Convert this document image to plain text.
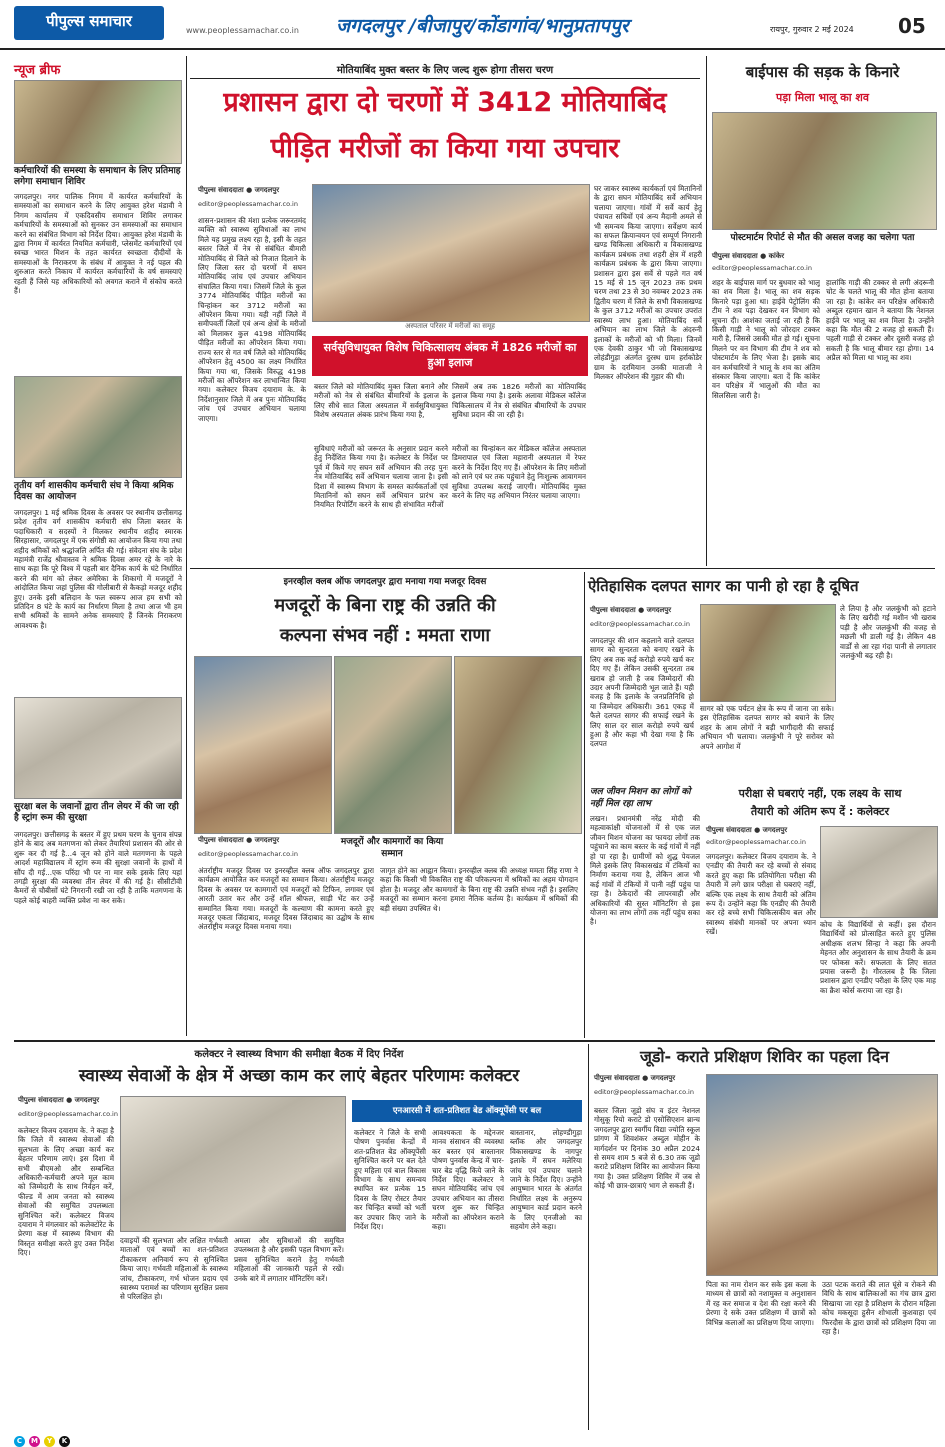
पीपुल्स समाचार
www.peoplessamachar.co.in जगदलपुर /बीजापुर/कोंडागांव/भानुप्रतापपुर	रायपुर, गुरुवार 2 मई 2024 05
न्यूज ब्रीफ
कर्मचारियों की समस्या के समाधान के लिए प्रतिमाह लगेगा समाधान शिविर
जगदलपुर। नगर पालिक निगम में कार्यरत कर्मचारियों के समस्याओं का समाधान करने के लिए आयुक्त हरेश मंडावी ने निगम कार्यालय में एकदिवसीय समाधान शिविर लगाकर कर्मचारियों के समस्याओं को सुनकर उन समस्याओं का समाधान करने का संबंधित विभाग को निर्देश दिया। आयुक्त हरेश मंडावी के द्वारा निगम में कार्यरत नियमित कर्मचारी, प्लेसमेंट कर्मचारियों एवं स्वच्छ भारत मिशन के तहत कार्यरत स्वच्छता दीदीयों के समस्याओं के निराकरण के संबंध में आयुक्त ने नई पहल की शुरुआत करते निकाय में कार्यरत कर्मचारियों के वर्ष समस्याएं रहती हैं जिसे यह अधिकारियों को अवगत कराने में संकोच करते हैं।
तृतीय वर्ग शासकीय कर्मचारी संघ ने किया श्रमिक दिवस का आयोजन
जगदलपुर। 1 मई श्रमिक दिवस के अवसर पर स्थानीय छत्तीसगढ़ प्रदेश तृतीय वर्ग शासकीय कर्मचारी संघ जिला बस्तर के पदाधिकारी व सदस्यों ने मिलकर स्थानीय शहीद स्मारक सिरहासार, जगदलपुर में एक संगोष्ठी का आयोजन किया गया तथा शहीद श्रमिकों को श्रद्धांजलि अर्पित की गई। संवेदना संघ के प्रदेश महामंत्री राजेंद्र श्रीवास्तव ने श्रमिक दिवस अमर रहे के नारे के साथ कहा कि पूरे विश्व में पहली बार दैनिक कार्य के घंटे निर्धारित करने की मांग को लेकर अमेरिका के शिकागो में मजदूरों ने आंदोलित किया जहां पुलिस की गोलीबारी से कैकड़ो मजदूर शहीद हुए। उनके इसी बलिदान के फल स्वरूप आज हम सभी को प्रतिदिन 8 घंटे के कार्य का निर्धारण मिला है तथा आज भी हम सभी श्रमिकों के सामने अनेक समस्याएं हैं जिनके निराकरण आवश्यक है।
सुरक्षा बल के जवानों द्वारा तीन लेयर में की जा रही है स्ट्रांग रूम की सुरक्षा
जगदलपुर। छत्तीसगढ़ के बस्तर में हुए प्रथम चरण के चुनाव संपन्न होने के बाद अब मतगणना को लेकर तैयारियां प्रशासन की ओर से शुरू कर दी गई है...4 जून को होने वाले मतगणना के पहले आदर्श महाविद्यालय में स्ट्रांग रूम की सुरक्षा जवानों के हाथों में सौंप दी गई...एक परिंदा भी पर ना मार सके इसके लिए यहां तगड़ी सुरक्षा की व्यवस्था तीन लेयर में की गई है। सीसीटीवी कैमरों से चौबीसों घंटे निगरानी रखी जा रही है ताकि मतगणना के पहले कोई बाहरी व्यक्ति प्रवेश ना कर सके।
मोतियाबिंद मुक्त बस्तर के लिए जल्द शुरू होगा तीसरा चरण
प्रशासन द्वारा दो चरणों में 3412 मोतियाबिंद
पीड़ित मरीजों का किया गया उपचार
पीपुल्स संवाददाता ● जगदलपुर
editor@peoplessamachar.co.in
शासन-प्रशासन की मंशा प्रत्येक जरूरतमंद व्यक्ति को स्वास्थ्य सुविधाओं का लाभ मिले यह प्रमुख लक्ष्य रहा है, इसी के तहत बस्तर जिले में नेत्र से संबंधित बीमारी मोतियाबिंद से जिले को निजात दिलाने के लिए जिला स्तर दो चरणों में सघन मोतियाबिंद जांच एवं उपचार अभियान संचालित किया गया। जिसमें जिले के कुल 3774 मोतियाबिंद पीड़ित मरीजों का चिन्हांकन कर 3712 मरीजों का ऑपरेशन किया गया। यही नहीं जिले में समीपवर्ती जिलों एवं अन्य क्षेत्रों के मरीजों को मिलाकर कुल 4198 मोतियाबिंद पीड़ित मरीजों का ऑपरेशन किया गया। राज्य स्तर से गत वर्ष जिले को मोतियाबिंद ऑपरेशन हेतु 4500 का लक्ष्य निर्धारित किया गया था, जिसके विरुद्ध 4198 मरीजों का ऑपरेशन कर लाभान्वित किया गया। कलेक्टर विजय दयाराम के. के निर्देशानुसार जिले में अब पुनः मोतियाबिंद जांच एवं उपचार अभियान चलाया जाएगा।
अस्पताल परिसर में मरीजों का समूह
घर जाकर स्वास्थ्य कार्यकर्ता एवं मितानिनों के द्वारा सघन मोतियाबिंद सर्वे अभियान चलाया जाएगा। गांवों में सर्वे कार्य हेतु पंचायत सचिवों एवं अन्य मैदानी अमले से भी समन्वय किया जाएगा। सर्वेक्षण कार्य का सफल क्रियान्वयन एवं सम्पूर्ण निगरानी खण्ड चिकित्सा अधिकारी व विकासखण्ड कार्यक्रम प्रबंधक तथा शहरी क्षेत्र में शहरी कार्यक्रम प्रबंधक के द्वारा किया जाएगा। प्रशासन द्वारा इस सर्वे से पहले गत वर्ष 15 मई से 15 जून 2023 तक प्रथम चरण तथा 23 से 30 नवम्बर 2023 तक द्वितीय चरण में जिले के सभी विकासखण्ड के कुल 3712 मरीजों का उपचार उपरांत स्वास्थ्य लाभ हुआ। मोतियाबिंद सर्वे अभियान का लाभ जिले के अंदरुनी इलाकों के मरीजों को भी मिला। जिनमें एक देवकी ठाकुर भी जो विकासखण्ड लोहंडीगुड़ा अंतर्गत दुरस्थ ग्राम हर्राकोडेर ग्राम के दरमियान उनकी माताजी ने मिलकर ऑपरेशन की गुहार की थी।
सर्वसुविधायुक्त विशेष चिकित्सालय अंबक में 1826 मरीजों का हुआ इलाज
बस्तर जिले को मोतियाबिंद मुक्त जिला बनाने और मरीजों को नेत्र से संबंधित बीमारियों के इलाज के लिए सीधे सात जिला अस्पताल में सर्वसुविधायुक्त विशेष अस्पताल अंबक प्रारंभ किया गया है,
जिसमें अब तक 1826 मरीजों का मोतियाबिंद इलाज किया गया है। इसके अलावा मेडिकल कॉलेज चिकित्सालय में नेत्र से संबंधित बीमारियों के उपचार सुविधा प्रदान की जा रही है।
सुविधाएं मरीजों को जरूरत के अनुसार प्रदान करने हेतु निर्देशित किया गया है। कलेक्टर के निर्देश पर पूर्व में किये गए सघन सर्वे अभियान की तरह पुनः नेत्र मोतियाबिंद सर्वे अभियान चलाया जाना है। इसी दिशा में स्वास्थ्य विभाग के समस्त कार्यकर्ताओं एवं मितानिनों को सघन सर्वे अभियान प्रारंभ कर नियमित रिपोर्टिंग करने के साथ ही संभावित मरीजों
मरीजों का चिन्हांकन कर मेडिकल कॉलेज अस्पताल डिमरापाल एवं जिला महारानी अस्पताल में रेफर करने के निर्देश दिए गए हैं। ऑपरेशन के लिए मरीजों को लाने एवं घर तक पहुंचाने हेतु निःशुल्क आवागमन सुविधा उपलब्ध कराई जाएगी। मोतियाबिंद मुक्त करने के लिए यह अभियान निरंतर चलाया जाएगा।
बाईपास की सड़क के किनारे
पड़ा मिला भालू का शव
पोस्टमार्टम रिपोर्ट से मौत की असल वजह का चलेगा पता
पीपुल्स संवाददाता ● कांकेर
editor@peoplessamachar.co.in
शहर के बाईपास मार्ग पर बुधवार को भालू का शव मिला है। भालू का शव सड़क किनारे पड़ा हुआ था। हाईवे पेट्रोलिंग की टीम ने शव पड़ा देखकर वन विभाग को सूचना दी। आशंका जताई जा रही है कि किसी गाड़ी ने भालू को जोरदार टक्कर मारी है, जिससे उसकी मौत हो गई। सूचना मिलने पर वन विभाग की टीम ने शव को पोस्टमार्टम के लिए भेजा है। इसके बाद वन कर्मचारियों ने भालू के शव का अंतिम संस्कार किया जाएगा। बता दें कि कांकेर वन परिक्षेत्र में भालुओं की मौत का सिलसिला जारी है।
हालांकि गाड़ी की टक्कर से लगी अंदरूनी चोट के चलते भालू की मौत होना बताया जा रहा है। कांकेर वन परिक्षेत्र अधिकारी अब्दुल रहमान खान ने बताया कि नेशनल हाईवे पर भालू का शव मिला है। उन्होंने कहा कि मौत की 2 वजह हो सकती हैं। पहली गाड़ी से टक्कर और दूसरी वजह हो सकती है कि भालू बीमार रहा होगा। 14 अप्रैल को मिला था भालू का शव।
इनरव्हील क्लब ऑफ जगदलपुर द्वारा मनाया गया मजदूर दिवस
मजदूरों के बिना राष्ट्र की उन्नति की
कल्पना संभव नहीं : ममता राणा
पीपुल्स संवाददाता ● जगदलपुर
editor@peoplessamachar.co.in
मजदूरों और कामगारों का किया सम्मान
अंतर्राष्ट्रीय मजदूर दिवस पर इनरव्हील क्लब ऑफ जगदलपुर द्वारा कार्यक्रम आयोजित कर मजदूरों का सम्मान किया। अंतर्राष्ट्रीय मजदूर दिवस के अवसर पर कामगारों एवं मजदूरों को टिफिन, लगावर एवं आरती उतार कर और उन्हें शॉल श्रीफल, साड़ी भेंट कर उन्हें सम्मानित किया गया। मजदूरों के कल्याण की कामना करते हुए मजदूर एकता जिंदाबाद, मजदूर दिवस जिंदाबाद का उद्घोष के साथ अंतर्राष्ट्रीय मजदूर दिवस मनाया गया।
जागृत होने का आह्वान किया। इनरव्हील क्लब की अध्यक्ष ममता सिंह राणा ने कहा कि किसी भी विकसित राष्ट्र की परिकल्पना में श्रमिकों का अहम योगदान होता है। मजदूर और कामगारों के बिना राष्ट्र की उन्नति संभव नहीं है। इसलिए मजदूरों का सम्मान करना हमारा नैतिक कर्तव्य है। कार्यक्रम में श्रमिकों की बड़ी संख्या उपस्थित थे।
ऐतिहासिक दलपत सागर का पानी हो रहा है दूषित
पीपुल्स संवाददाता ● जगदलपुर
editor@peoplessamachar.co.in
जगदलपुर की शान कहलाने वाले दलपत सागर को सुन्दरता को बनाए रखने के लिए अब तक कई करोड़ो रुपये खर्च कर दिए गए हैं। लेकिन उसकी सुन्दरता तब खराब हो जाती है जब जिम्मेदारों की उदार अपनी जिम्मेदारी भूल जाते हैं। यही वजह है कि इलाके के जनप्रतिनिधि हो या जिम्मेदार अधिकारी। 361 एकड़ में फैले दलपत सागर की सफाई रखने के लिए साल दर साल करोड़ो रुपये खर्च हुआ है और कहा भी देखा गया है कि दलपत
सागर को एक पर्यटन क्षेत्र के रूप में जाना जा सके। इस ऐतिहासिक दलपत सागर को बचाने के लिए शहर के आम लोगों ने बड़ी भागीदारी की सफाई अभियान भी चलाया। जलकुंभी ने पूरे सरोवर को अपने आगोश में
ले लिया है और जलकुंभी को हटाने के लिए खरीदी गई मशीन भी खराब पड़ी है और जलकुंभी की वजह से मछली भी डाली गई है। लेकिन 48 वार्डों से आ रहा गंदा पानी से लगातार जलकुंभी बढ़ रही है।
जल जीवन मिशन का लोगों को नहीं मिल रहा लाभ
लखन। प्रधानमंत्री नरेंद्र मोदी की महत्वाकांक्षी योजनाओं में से एक जल जीवन मिशन योजना का फायदा लोगों तक पहुंचाने का काम बस्तर के कई गांवों में नहीं हो पा रहा है। ग्रामीणों को शुद्ध पेयजल मिले इसके लिए विकासखंड में टंकियों का निर्माण कराया गया है, लेकिन आज भी कई गांवों में टंकियों में पानी नहीं पहुंच पा रहा है। ठेकेदारों की लापरवाही और अधिकारियों की सुस्त मॉनिटरिंग से इस योजना का लाभ लोगों तक नहीं पहुंच सका है।
परीक्षा से घबराएं नहीं, एक लक्ष्य के साथ
तैयारी को अंतिम रूप दें : कलेक्टर
पीपुल्स संवाददाता ● जगदलपुर
editor@peoplessamachar.co.in
जगदलपुर। कलेक्टर विजय दयाराम के. ने एनडीए की तैयारी कर रहे बच्चों से संवाद करते हुए कहा कि प्रतियोगिता परीक्षा की तैयारी में लगे छात्र परीक्षा से घबराएं नहीं, बल्कि एक लक्ष्य के साथ तैयारी को अंतिम रूप दें। उन्होंने कहा कि एनडीए की तैयारी कर रहे बच्चे सभी चिकित्सकीय बल और स्वास्थ्य संबंधी मानकों पर अपना ध्यान रखें।
कोच के विद्यार्थियों से कहीं। इस दौरान विद्यार्थियों को प्रोत्साहित करते हुए पुलिस अधीक्षक शलभ सिन्हा ने कहा कि अपनी मेहनत और अनुशासन के साथ तैयारी के क्रम पर फोकस करें। सफलता के लिए सतत प्रयास जरूरी है। गौरतलब है कि जिला प्रशासन द्वारा एनडीए परीक्षा के लिए एक माह का क्रैश कोर्स कराया जा रहा है।
कलेक्टर ने स्वास्थ्य विभाग की समीक्षा बैठक में दिए निर्देश
स्वास्थ्य सेवाओं के क्षेत्र में अच्छा काम कर लाएं बेहतर परिणामः कलेक्टर
पीपुल्स संवाददाता ● जगदलपुर
editor@peoplessamachar.co.in
कलेक्टर विजय दयाराम के. ने कहा है कि जिले में स्वास्थ्य सेवाओं की सुलभता के लिए अच्छा कार्य कर बेहतर परिणाम लाएं। इस दिशा में सभी बीएमओ और सम्बन्धित अधिकारी-कर्मचारी अपने मूल काम को जिम्मेदारी के साथ निर्वहन करें, फील्ड में आम जनता को स्वास्थ्य सेवाओं की समुचित उपलब्धता सुनिश्चित करें। कलेक्टर विजय दयाराम ने मंगलवार को कलेक्टोरेट के प्रेरणा कक्ष में स्वास्थ्य विभाग की विस्तृत समीक्षा करते हुए उक्त निर्देश दिए।
दवाइयों की सुलभता और लक्षित गर्भवती माताओं एवं बच्चों का शत-प्रतिशत टीकाकरण अनिवार्य रूप से सुनिश्चित किया जाए। गर्भवती महिलाओं के स्वास्थ्य जांच, टीकाकरण, गर्भ भोजन प्रदाय एवं स्वास्थ्य परामर्श का परिणाम सुरक्षित प्रसव से परिलक्षित हो।
अमला और सुविधाओं की समुचित उपलब्धता है और इसकी पहल विभाग करें। प्रसव सुनिश्चित कराने हेतु गर्भवती महिलाओं की जानकारी पहले से रखें। उनके बारे में लगातार मॉनिटरिंग करें।
एनआरसी में शत-प्रतिशत बेड ऑक्यूपेंसी पर बल
कलेक्टर ने जिले के सभी पोषण पुनर्वास केन्द्रों में शत-प्रतिशत बेड ऑक्यूपेंसी सुनिश्चित करने पर बल देते हुए महिला एवं बाल विकास विभाग के साथ समन्वय स्थापित कर प्रत्येक 15 दिवस के लिए रोस्टर तैयार कर चिन्हित बच्चों को भर्ती कर उपचार किए जाने के निर्देश दिए।
आवश्यकता के मद्देनजर मानव संसाधन की व्यवस्था कर बस्तर एवं बास्तानार पोषण पुनर्वास केन्द्र में चार-चार बेड वृद्धि किये जाने के निर्देश दिए। कलेक्टर ने सघन मोतियाबिंद जांच एवं उपचार अभियान का तीसरा चरण शुरू कर चिन्हित मरीजों का ऑपरेशन कराने कहा।
बास्तानार, लोहण्डीगुड़ा ब्लॉक और जगदलपुर विकासखण्ड के नागपुर इलाके में सघन मलेरिया जांच एवं उपचार चलाने जाने के निर्देश दिए। उन्होंने आयुष्मान भारत के अंतर्गत निर्धारित लक्ष्य के अनुरूप आयुष्मान कार्ड प्रदान करने के लिए एनजीओ का सहयोग लेने कहा।
जूडो- कराते प्रशिक्षण शिविर का पहला दिन
पीपुल्स संवाददाता ● जगदलपुर
editor@peoplessamachar.co.in
बस्तर जिला जूडो संघ व इंटर नेशनल गोसुकू रियो कराटे डो एसोसिएशन ब्रान्च जगदलपुर द्वारा स्वर्गीय विद्या ज्योति स्कूल प्रांगण में शिवशंकर अब्दुल मोहीन के मार्गदर्शन पर दिनांक 30 अप्रैल 2024 से समय शाम 5 बजे से 6.30 तक जूडो कराटे प्रशिक्षण शिविर का आयोजन किया गया है। उक्त प्रशिक्षण शिविर में जब से कोई भी छात्र-छात्राएं भाग ले सकती हैं।
पिता का नाम रोशन कर सके इस कला के माध्यम से छात्रों को नशामुक्त व अनुशासन में रह कर समाज व देश की रक्षा करने की प्रेरणा दे सके उक्त प्रशिक्षण में छात्रों को विभिन्न कलाओं का प्रशिक्षण दिया जाएगा।
उठा पटक कराते की लात घूंसे व रोकने की विधि के साथ बालिकाओं का गंच छात्र द्वारा सिखाया जा रहा है प्रशिक्षण के दौरान महिला कोच मकसूदा हुसैन शोभाली कुशवाहा एवं फिरदौस के द्वारा छात्रों को प्रशिक्षण दिया जा रहा है।
C M Y K
